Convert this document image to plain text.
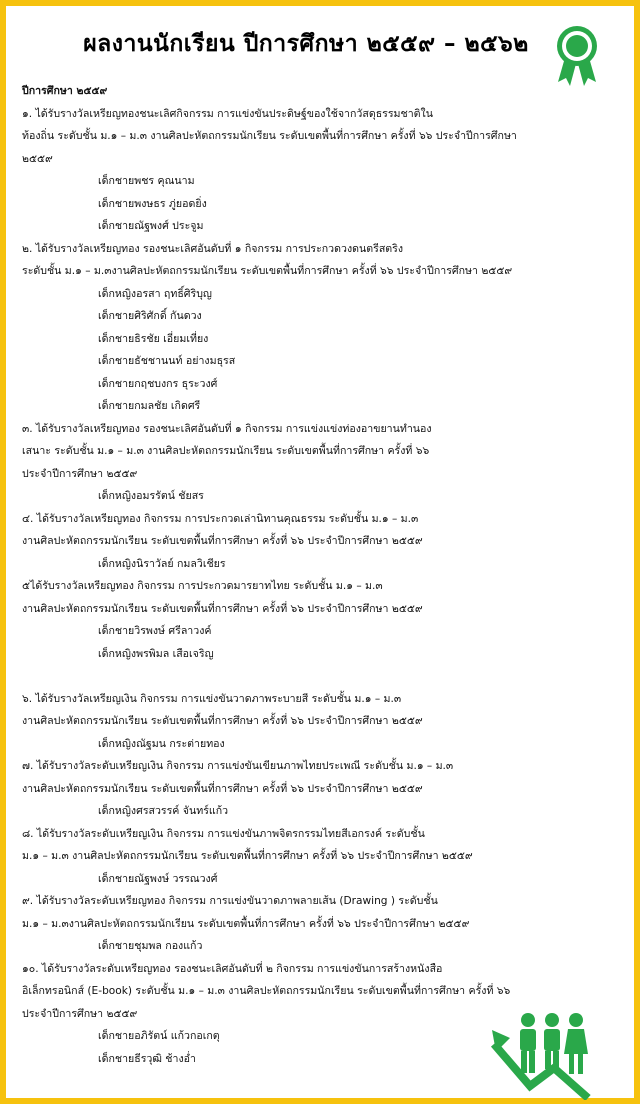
ผลงานนักเรียน ปีการศึกษา ๒๕๕๙ – ๒๕๖๒
ปีการศึกษา ๒๕๕๙
๑. ได้รับรางวัลเหรียญทองชนะเลิศกิจกรรม การแข่งขันประดิษฐ์ของใช้จากวัสดุธรรมชาติใน
ท้องถิ่น ระดับชั้น ม.๑ – ม.๓ งานศิลปะหัตถกรรมนักเรียน ระดับเขตพื้นที่การศึกษา ครั้งที่ ๖๖ ประจำปีการศึกษา
๒๕๕๙
เด็กชายพชร คุณนาม
เด็กชายพงษธร ภู่ยอดยิ่ง
เด็กชายณัฐพงศ์ ประจูม
๒. ได้รับรางวัลเหรียญทอง รองชนะเลิศอันดับที่ ๑ กิจกรรม การประกวดวงดนตรีสตริง
ระดับชั้น ม.๑ – ม.๓งานศิลปะหัตถกรรมนักเรียน ระดับเขตพื้นที่การศึกษา ครั้งที่ ๖๖ ประจำปีการศึกษา ๒๕๕๙
เด็กหญิงอรสา ฤทธิ์ศิริบุญ
เด็กชายศิริศักดิ์ กันดวง
เด็กชายธิรชัย เอี่ยมเที่ยง
เด็กชายธัชชานนท์ อย่างมธุรส
เด็กชายกฤชบงกร ธุระวงศ์
เด็กชายกมลชัย เกิดศรี
๓. ได้รับรางวัลเหรียญทอง รองชนะเลิศอันดับที่ ๑ กิจกรรม การแข่งแข่งท่องอาขยานทำนอง
เสนาะ ระดับชั้น ม.๑ – ม.๓ งานศิลปะหัตถกรรมนักเรียน ระดับเขตพื้นที่การศึกษา ครั้งที่ ๖๖
ประจำปีการศึกษา ๒๕๕๙
เด็กหญิงอมรรัตน์ ชัยสร
๔. ได้รับรางวัลเหรียญทอง กิจกรรม การประกวดเล่านิทานคุณธรรม ระดับชั้น ม.๑ – ม.๓
งานศิลปะหัตถกรรมนักเรียน ระดับเขตพื้นที่การศึกษา ครั้งที่ ๖๖ ประจำปีการศึกษา ๒๕๕๙
เด็กหญิงนิราวัลย์ กมลวิเชียร
๕ได้รับรางวัลเหรียญทอง กิจกรรม การประกวดมารยาทไทย ระดับชั้น ม.๑ – ม.๓
งานศิลปะหัตถกรรมนักเรียน ระดับเขตพื้นที่การศึกษา ครั้งที่ ๖๖ ประจำปีการศึกษา ๒๕๕๙
เด็กชายวิรพงษ์ ศรีลาวงค์
เด็กหญิงพรพิมล เสือเจริญ
๖. ได้รับรางวัลเหรียญเงิน กิจกรรม การแข่งขันวาดภาพระบายสี ระดับชั้น ม.๑ – ม.๓
งานศิลปะหัตถกรรมนักเรียน ระดับเขตพื้นที่การศึกษา ครั้งที่ ๖๖ ประจำปีการศึกษา ๒๕๕๙
เด็กหญิงณัฐมน กระต่ายทอง
๗. ได้รับรางวัลระดับเหรียญเงิน กิจกรรม การแข่งขันเขียนภาพไทยประเพณี ระดับชั้น ม.๑ – ม.๓
งานศิลปะหัตถกรรมนักเรียน ระดับเขตพื้นที่การศึกษา ครั้งที่ ๖๖ ประจำปีการศึกษา ๒๕๕๙
เด็กหญิงศรสวรรค์ จันทร์แก้ว
๘. ได้รับรางวัลระดับเหรียญเงิน กิจกรรม การแข่งขันภาพจิตรกรรมไทยสีเอกรงค์ ระดับชั้น
ม.๑ – ม.๓ งานศิลปะหัตถกรรมนักเรียน ระดับเขตพื้นที่การศึกษา ครั้งที่ ๖๖ ประจำปีการศึกษา ๒๕๕๙
เด็กชายณัฐพงษ์ วรรณวงศ์
๙. ได้รับรางวัลระดับเหรียญทอง กิจกรรม การแข่งขันวาดภาพลายเส้น (Drawing ) ระดับชั้น
ม.๑ – ม.๓งานศิลปะหัตถกรรมนักเรียน ระดับเขตพื้นที่การศึกษา ครั้งที่ ๖๖ ประจำปีการศึกษา ๒๕๕๙
เด็กชายชุมพล กองแก้ว
๑๐. ได้รับรางวัลระดับเหรียญทอง รองชนะเลิศอันดับที่ ๒ กิจกรรม การแข่งขันการสร้างหนังสือ
อิเล็กทรอนิกส์ (E-book) ระดับชั้น ม.๑ – ม.๓ งานศิลปะหัตถกรรมนักเรียน ระดับเขตพื้นที่การศึกษา ครั้งที่ ๖๖
ประจำปีการศึกษา ๒๕๕๙
เด็กชายอภิรัตน์ แก้วกอเกตุ
เด็กชายธีรวุฒิ ช้างอ่ำ
